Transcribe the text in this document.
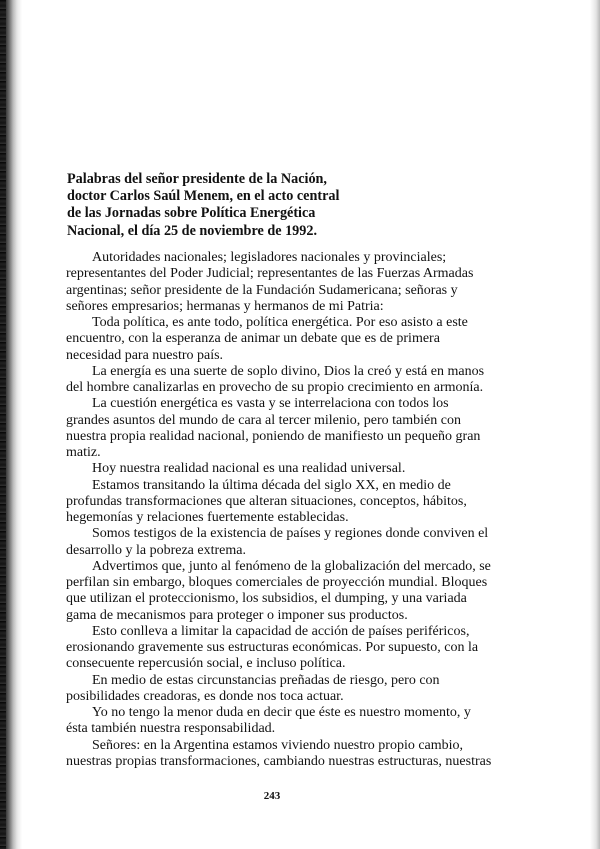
Palabras del señor presidente de la Nación,
doctor Carlos Saúl Menem, en el acto central
de las Jornadas sobre Política Energética
Nacional, el día 25 de noviembre de 1992.
Autoridades nacionales; legisladores nacionales y provinciales;
representantes del Poder Judicial; representantes de las Fuerzas Armadas
argentinas; señor presidente de la Fundación Sudamericana; señoras y
señores empresarios; hermanas y hermanos de mi Patria:
Toda política, es ante todo, política energética. Por eso asisto a este
encuentro, con la esperanza de animar un debate que es de primera
necesidad para nuestro país.
La energía es una suerte de soplo divino, Dios la creó y está en manos
del hombre canalizarlas en provecho de su propio crecimiento en armonía.
La cuestión energética es vasta y se interrelaciona con todos los
grandes asuntos del mundo de cara al tercer milenio, pero también con
nuestra propia realidad nacional, poniendo de manifiesto un pequeño gran
matiz.
Hoy nuestra realidad nacional es una realidad universal.
Estamos transitando la última década del siglo XX, en medio de
profundas transformaciones que alteran situaciones, conceptos, hábitos,
hegemonías y relaciones fuertemente establecidas.
Somos testigos de la existencia de países y regiones donde conviven el
desarrollo y la pobreza extrema.
Advertimos que, junto al fenómeno de la globalización del mercado, se
perfilan sin embargo, bloques comerciales de proyección mundial. Bloques
que utilizan el proteccionismo, los subsidios, el dumping, y una variada
gama de mecanismos para proteger o imponer sus productos.
Esto conlleva a limitar la capacidad de acción de países periféricos,
erosionando gravemente sus estructuras económicas. Por supuesto, con la
consecuente repercusión social, e incluso política.
En medio de estas circunstancias preñadas de riesgo, pero con
posibilidades creadoras, es donde nos toca actuar.
Yo no tengo la menor duda en decir que éste es nuestro momento, y
ésta también nuestra responsabilidad.
Señores: en la Argentina estamos viviendo nuestro propio cambio,
nuestras propias transformaciones, cambiando nuestras estructuras, nuestras
243
